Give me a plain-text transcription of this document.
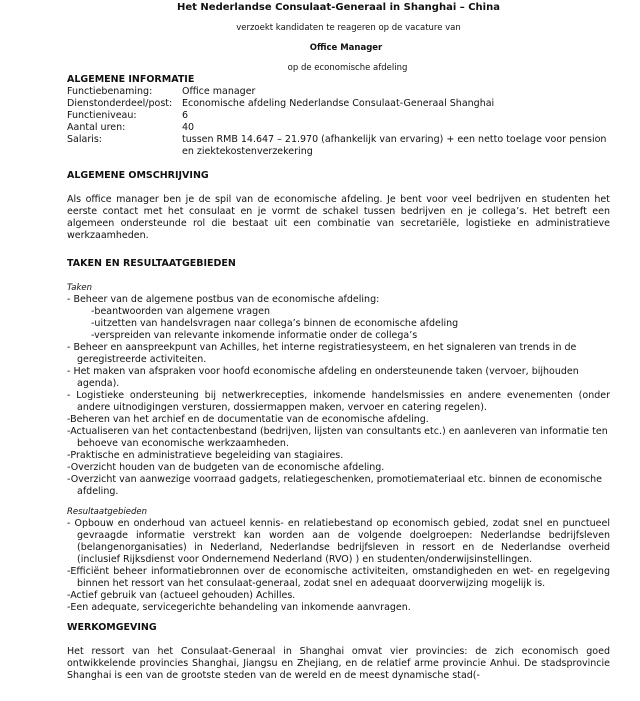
Het Nederlandse Consulaat-Generaal in Shanghai – China
verzoekt kandidaten te reageren op de vacature van
Office Manager
op de economische afdeling
ALGEMENE INFORMATIE
Functiebenaming:	Office manager
Dienstonderdeel/post:	Economische afdeling Nederlandse Consulaat-Generaal Shanghai
Functieniveau:	6
Aantal uren:	40
Salaris:	tussen RMB 14.647 – 21.970 (afhankelijk van ervaring) + een netto toelage voor pension en ziektekostenverzekering
ALGEMENE OMSCHRIJVING

Als office manager ben je de spil van de economische afdeling. Je bent voor veel bedrijven en studenten het eerste contact met het consulaat en je vormt de schakel tussen bedrijven en je collega’s. Het betreft een algemeen ondersteunde rol die bestaat uit een combinatie van secretariële, logistieke en administratieve werkzaamheden.

TAKEN EN RESULTAATGEBIEDEN
Taken
- Beheer van de algemene postbus van de economische afdeling:
-beantwoorden van algemene vragen
-uitzetten van handelsvragen naar collega’s binnen de economische afdeling
-verspreiden van relevante inkomende informatie onder de collega’s
- Beheer en aanspreekpunt van Achilles, het interne registratiesysteem, en het signaleren van trends in de geregistreerde activiteiten.
- Het maken van afspraken voor hoofd economische afdeling en ondersteunende taken (vervoer, bijhouden agenda).
- Logistieke ondersteuning bij netwerkrecepties, inkomende handelsmissies en andere evenementen (onder andere uitnodigingen versturen, dossiermappen maken, vervoer en catering regelen).
-Beheren van het archief en de documentatie van de economische afdeling.
-Actualiseren van het contactenbestand (bedrijven, lijsten van consultants etc.) en aanleveren van informatie ten behoeve van economische werkzaamheden.
-Praktische en administratieve begeleiding van stagiaires.
-Overzicht houden van de budgeten van de economische afdeling.
-Overzicht van aanwezige voorraad gadgets, relatiegeschenken, promotiemateriaal etc. binnen de economische afdeling.
Resultaatgebieden
- Opbouw en onderhoud van actueel kennis- en relatiebestand op economisch gebied, zodat snel en punctueel gevraagde informatie verstrekt kan worden aan de volgende doelgroepen: Nederlandse bedrijfsleven (belangenorganisaties) in Nederland, Nederlandse bedrijfsleven in ressort en de Nederlandse overheid (inclusief Rijksdienst voor Ondernemend Nederland (RVO) ) en studenten/onderwijsinstellingen.
-Efficiënt beheer informatiebronnen over de economische activiteiten, omstandigheden en wet- en regelgeving binnen het ressort van het consulaat-generaal, zodat snel en adequaat doorverwijzing mogelijk is.
-Actief gebruik van (actueel gehouden) Achilles.
-Een adequate, servicegerichte behandeling van inkomende aanvragen.
WERKOMGEVING

Het ressort van het Consulaat-Generaal in Shanghai omvat vier provincies: de zich economisch goed ontwikkelende provincies Shanghai, Jiangsu en Zhejiang, en de relatief arme provincie Anhui. De stadsprovincie Shanghai is een van de grootste steden van de wereld en de meest dynamische stad(-
